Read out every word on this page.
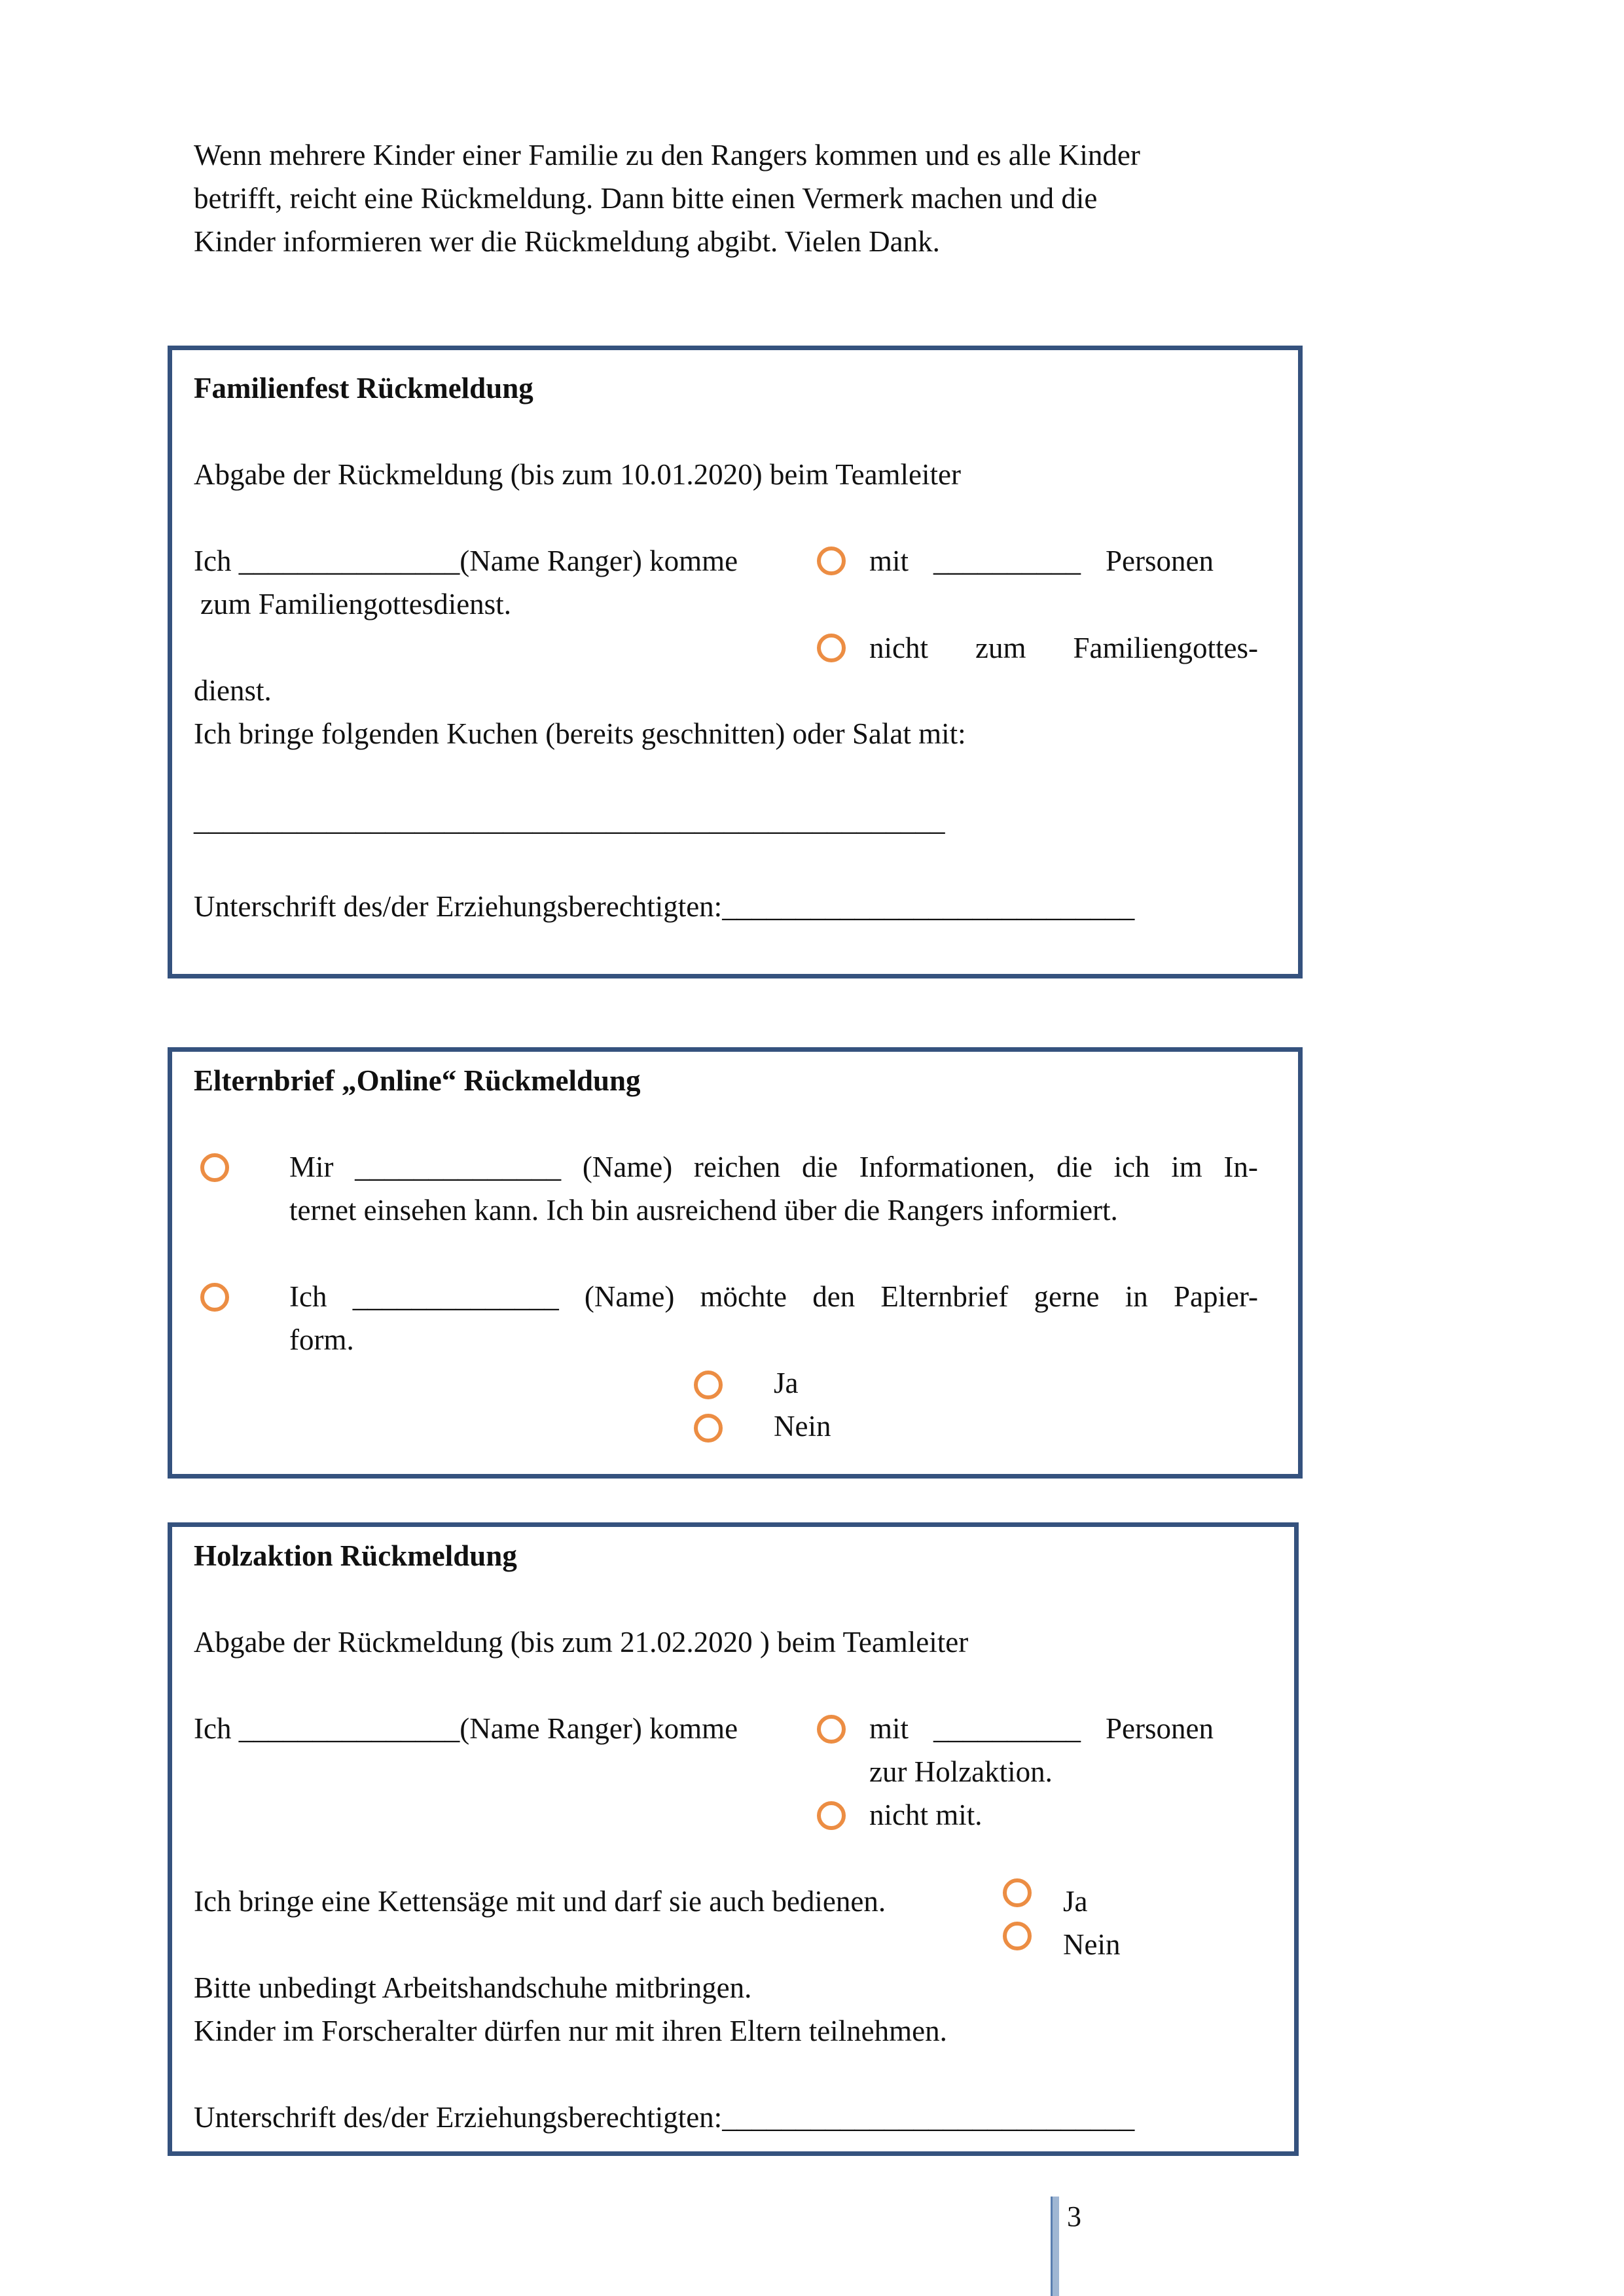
Wenn mehrere Kinder einer Familie zu den Rangers kommen und es alle Kinder

betrifft, reicht eine Rückmeldung. Dann bitte einen Vermerk machen und die

Kinder informieren wer die Rückmeldung abgibt. Vielen Dank.

Familienfest Rückmeldung
Abgabe der Rückmeldung (bis zum 10.01.2020) beim Teamleiter
Ich _______________(Name Ranger) komme	mit __________ Personen
zum Familiengottesdienst.
nicht zum Familiengottes-
dienst.
Ich bringe folgenden Kuchen (bereits geschnitten) oder Salat mit:
___________________________________________________
Unterschrift des/der Erziehungsberechtigten:____________________________
Elternbrief „Online“ Rückmeldung
Mir ______________ (Name) reichen die Informationen, die ich im In-
ternet einsehen kann. Ich bin ausreichend über die Rangers informiert.
Ich ______________ (Name) möchte den Elternbrief gerne in Papier-
form.
Ja
Nein
Holzaktion Rückmeldung
Abgabe der Rückmeldung (bis zum 21.02.2020 ) beim Teamleiter
Ich _______________(Name Ranger) komme	mit __________ Personen
zur Holzaktion.
nicht mit.
Ich bringe eine Kettensäge mit und darf sie auch bedienen.	Ja
Nein
Bitte unbedingt Arbeitshandschuhe mitbringen.
Kinder im Forscheralter dürfen nur mit ihren Eltern teilnehmen.
Unterschrift des/der Erziehungsberechtigten:____________________________
3
